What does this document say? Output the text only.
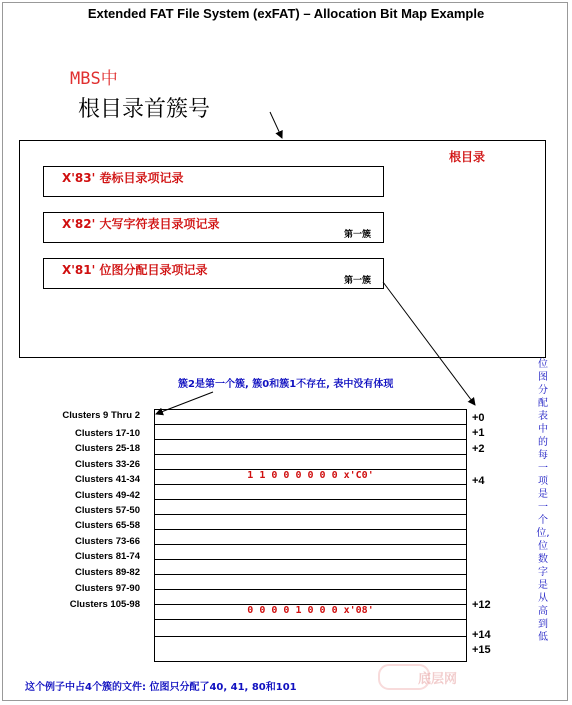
Extended FAT File System (exFAT) – Allocation Bit Map Example
MBS中
根目录首簇号
根目录
X'83' 卷标目录项记录
X'82' 大写字符表目录项记录
第一簇
X'81' 位图分配目录项记录
第一簇
簇2是第一个簇, 簇0和簇1不存在, 表中没有体现
1 1 0 0 0 0 0 0 x'C0'
0 0 0 0 1 0 0 0 x'08'
Clusters 9 Thru 2
Clusters 17-10
Clusters 25-18
Clusters 33-26
Clusters 41-34
Clusters 49-42
Clusters 57-50
Clusters 65-58
Clusters 73-66
Clusters 81-74
Clusters 89-82
Clusters 97-90
Clusters 105-98
+0
+1
+2
+4
+12
+14
+15
位图分配表中的每一项是一个位,位数字是从高到低
这个例子中占4个簇的文件: 位图只分配了40, 41, 80和101
底层网
